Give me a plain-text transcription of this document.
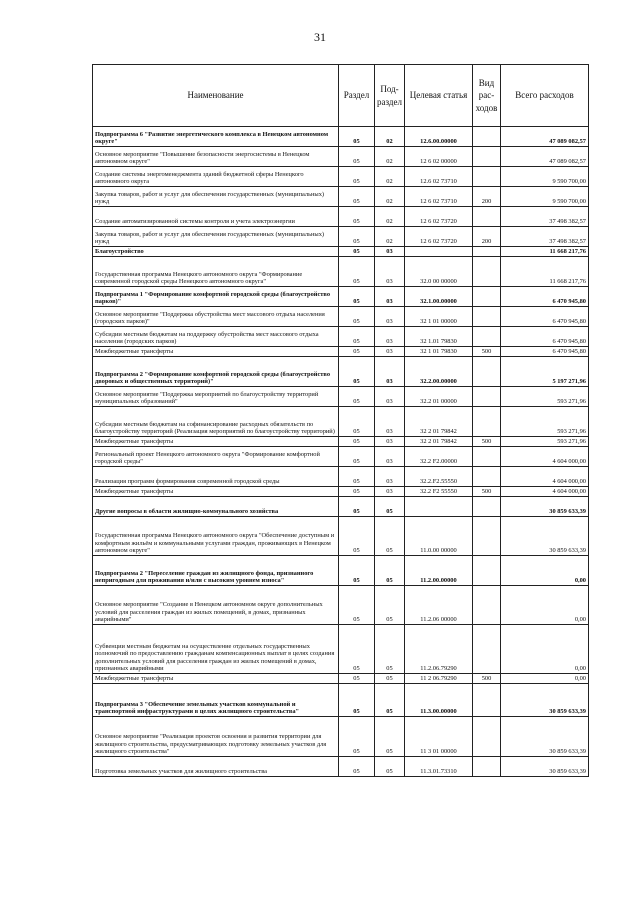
31
Наименование	Раздел	Под-раздел	Целевая статья	Вид рас-ходов	Всего расходов
Подпрограмма 6 "Развитие энергетического комплекса в Ненецком автономном округе"	05	02	12.6.00.00000		47 089 082,57
Основное мероприятие "Повышение безопасности энергосистемы в Ненецком автономном округе"	05	02	12 6 02 00000		47 089 082,57
Создание системы энергоменеджмента зданий бюджетной сферы Ненецкого автономного округа	05	02	12.6 02 73710		9 590 700,00
Закупка товаров, работ и услуг для обеспечения государственных (муниципальных) нужд	05	02	12 6 02 73710	200	9 590 700,00
Создание автоматизированной системы контроля и учета электроэнергии	05	02	12 6 02 73720		37 498 382,57
Закупка товаров, работ и услуг для обеспечения государственных (муниципальных) нужд	05	02	12 6 02 73720	200	37 498 382,57
Благоустройство	05	03			11 668 217,76
Государственная программа Ненецкого автономного округа "Формирование современной городской среды Ненецкого автономного округа"	05	03	32.0 00 00000		11 668 217,76
Подпрограмма 1 "Формирование комфортной городской среды (благоустройство парков)"	05	03	32.1.00.00000		6 470 945,80
Основное мероприятие "Поддержка обустройства мест массового отдыха населения (городских парков)"	05	03	32 1 01 00000		6 470 945,80
Субсидии местным бюджетам на поддержку обустройства мест массового отдыха населения (городских парков)	05	03	32 1.01 79830		6 470 945,80
Межбюджетные трансферты	05	03	32 1 01 79830	500	6 470 945,80
Подпрограмма 2 "Формирование комфортной городской среды (благоустройство дворовых и общественных территорий)"	05	03	32.2.00.00000		5 197 271,96
Основное мероприятие "Поддержка мероприятий по благоустройству территорий муниципальных образований"	05	03	32.2 01 00000		593 271,96
Субсидии местным бюджетам на софинансирование расходных обязательств по благоустройству территорий (Реализация мероприятий по благоустройству территорий)	05	03	32 2 01 79842		593 271,96
Межбюджетные трансферты	05	03	32 2 01 79842	500	593 271,96
Региональный проект Ненецкого автономного округа "Формирование комфортной городской среды"	05	03	32.2 F2.00000		4 604 000,00
Реализация программ формирования современной городской среды	05	03	32.2.F2.55550		4 604 000,00
Межбюджетные трансферты	05	03	32.2 F2 55550	500	4 604 000,00
Другие вопросы в области жилищно-коммунального хозяйства	05	05			30 859 633,39
Государственная программа Ненецкого автономного округа "Обеспечение доступным и комфортным жильём и коммунальными услугами граждан, проживающих в Ненецком автономном округе"	05	05	11.0.00 00000		30 859 633,39
Подпрограмма 2 "Переселение граждан из жилищного фонда, признанного непригодным для проживания и/или с высоким уровнем износа"	05	05	11.2.00.00000		0,00
Основное мероприятие "Создание в Ненецком автономном округе дополнительных условий для расселения граждан из жилых помещений, в домах, признанных аварийными"	05	05	11.2.06 00000		0,00
Субвенции местным бюджетам на осуществление отдельных государственных полномочий по предоставлению гражданам компенсационных выплат в целях создания дополнительных условий для расселения граждан из жилых помещений в домах, признанных аварийными	05	05	11.2.06.79290		0,00
Межбюджетные трансферты	05	05	11 2 06.79290	500	0,00
Подпрограмма 3 "Обеспечение земельных участков коммунальной и транспортной инфраструктурами в целях жилищного строительства"	05	05	11.3.00.00000		30 859 633,39
Основное мероприятие "Реализация проектов освоения и развития территории для жилищного строительства, предусматривающих подготовку земельных участков для жилищного строительства"	05	05	11 3 01 00000		30 859 633,39
Подготовка земельных участков для жилищного строительства	05	05	11.3.01.73310		30 859 633,39
